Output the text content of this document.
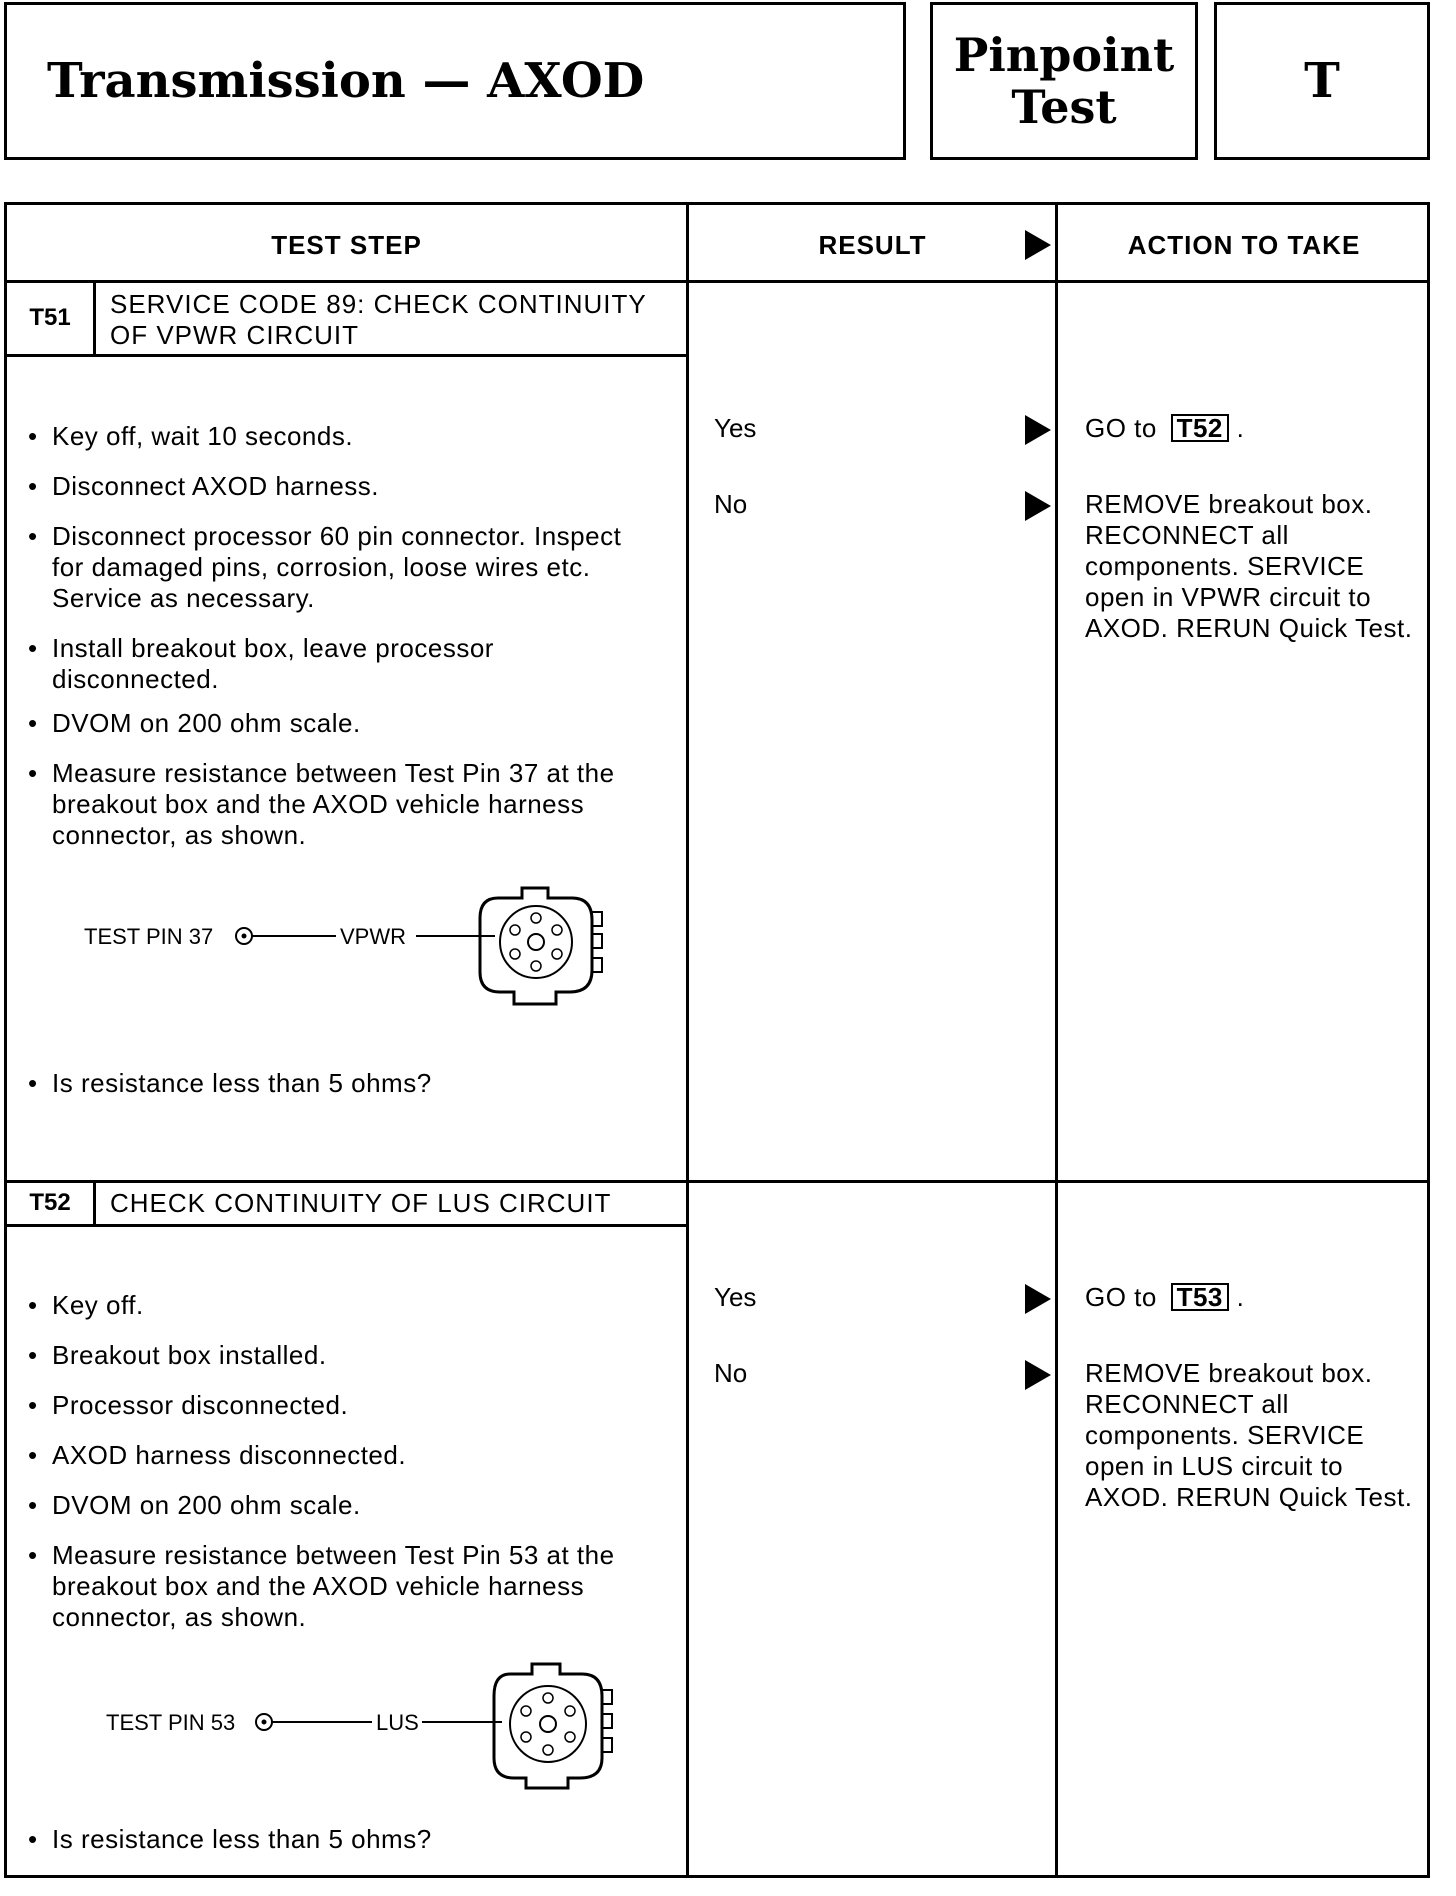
Transmission — AXOD	Pinpoint
Test	T
TEST STEP	RESULT	ACTION TO TAKE
T51	SERVICE CODE 89: CHECK CONTINUITY
OF VPWR CIRCUIT
• Key off, wait 10 seconds.
• Disconnect AXOD harness.
• Disconnect processor 60 pin connector. Inspect for damaged pins, corrosion, loose wires etc. Service as necessary.
• Install breakout box, leave processor disconnected.
• DVOM on 200 ohm scale.
• Measure resistance between Test Pin 37 at the breakout box and the AXOD vehicle harness connector, as shown.
TEST PIN 37	VPWR
• Is resistance less than 5 ohms?
Yes	GO to T52 .
No	REMOVE breakout box. RECONNECT all components. SERVICE open in VPWR circuit to AXOD. RERUN Quick Test.
T52	CHECK CONTINUITY OF LUS CIRCUIT
• Key off.
• Breakout box installed.
• Processor disconnected.
• AXOD harness disconnected.
• DVOM on 200 ohm scale.
• Measure resistance between Test Pin 53 at the breakout box and the AXOD vehicle harness connector, as shown.
TEST PIN 53	LUS
• Is resistance less than 5 ohms?
Yes	GO to T53 .
No	REMOVE breakout box. RECONNECT all components. SERVICE open in LUS circuit to AXOD. RERUN Quick Test.
